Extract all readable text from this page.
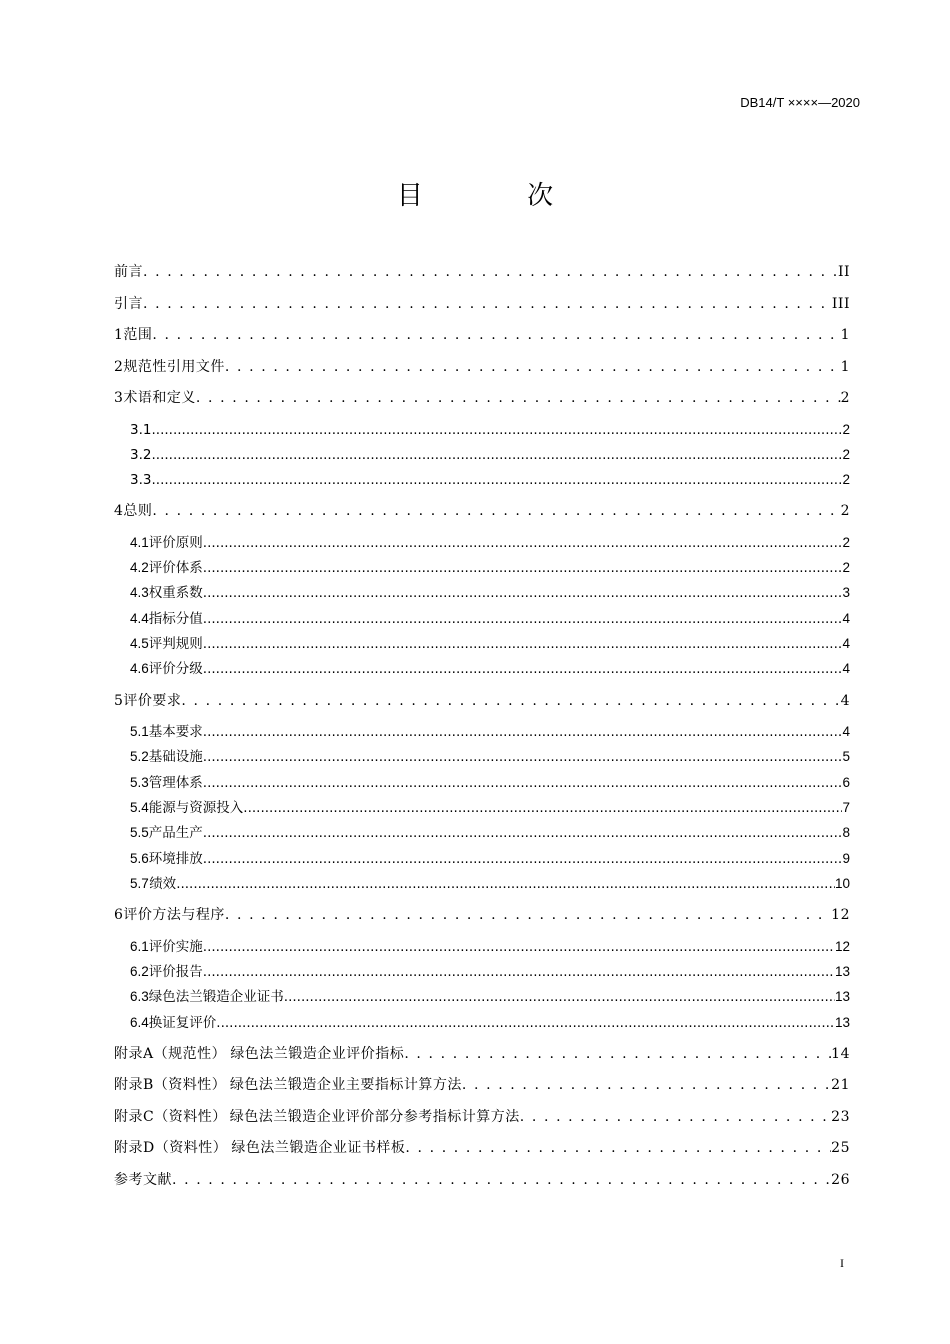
DB14/T ××××—2020
目 次
前言 . . .	II
引言 . . .	III
1 范围 . . .	1
2 规范性引用文件 . . .	1
3 术语和定义 . . .	2
3.1 .....	2
3.2 .....	2
3.3 .....	2
4 总则 . . .	2
4.1 评价原则 .....	2
4.2 评价体系 .....	2
4.3 权重系数 .....	3
4.4 指标分值 .....	4
4.5 评判规则 .....	4
4.6 评价分级 .....	4
5 评价要求 . . .	4
5.1 基本要求 .....	4
5.2 基础设施 .....	5
5.3 管理体系 .....	6
5.4 能源与资源投入 .....	7
5.5 产品生产 .....	8
5.6 环境排放 .....	9
5.7 绩效 .....	10
6 评价方法与程序 . . .	12
6.1 评价实施 .....	12
6.2 评价报告 .....	13
6.3 绿色法兰锻造企业证书 .....	13
6.4 换证复评价 .....	13
附录A（规范性） 绿色法兰锻造企业评价指标 . . .	14
附录B（资料性） 绿色法兰锻造企业主要指标计算方法 . . .	21
附录C（资料性） 绿色法兰锻造企业评价部分参考指标计算方法 . . .	23
附录D（资料性） 绿色法兰锻造企业证书样板 . . .	25
参考文献 . . .	26
I
